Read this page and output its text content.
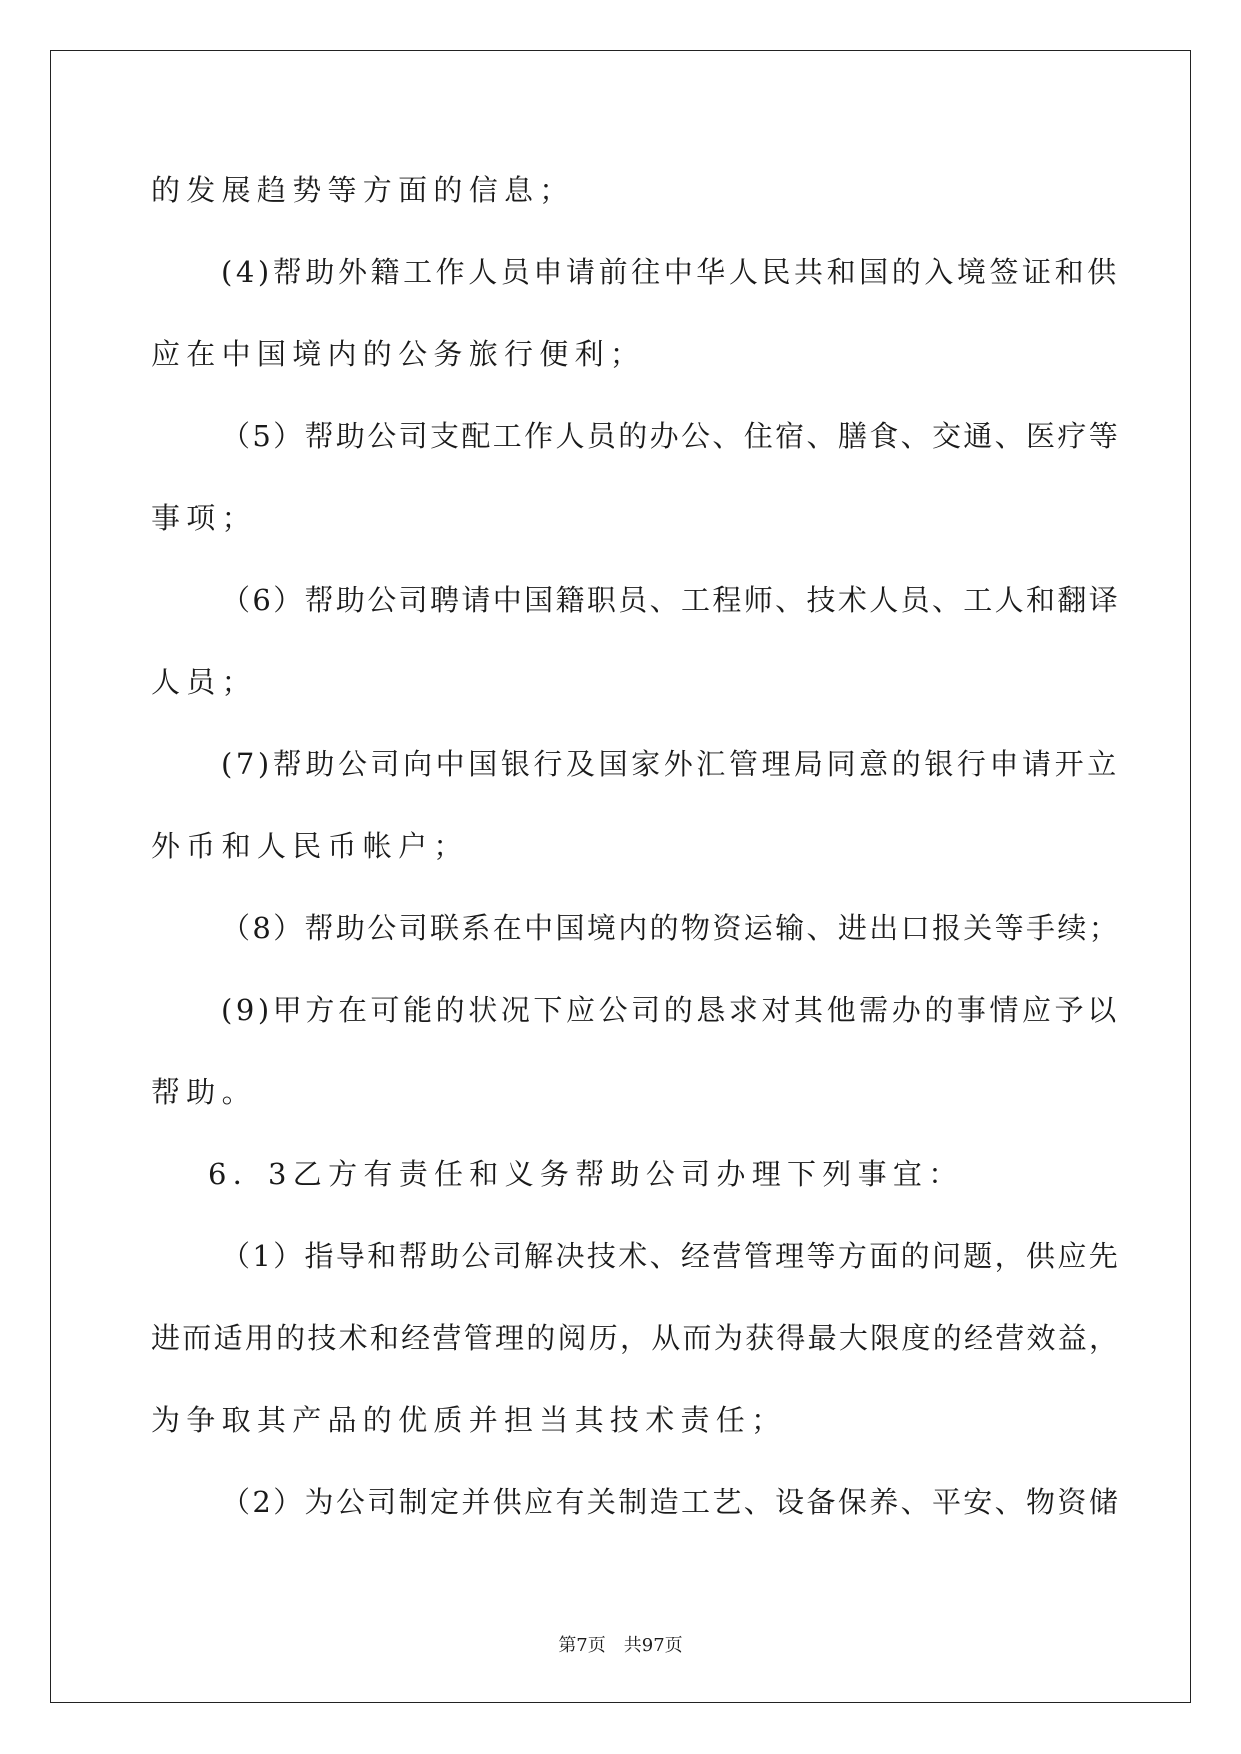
的发展趋势等方面的信息；
(4)帮助外籍工作人员申请前往中华人民共和国的入境签证和供
应在中国境内的公务旅行便利；
（5）帮助公司支配工作人员的办公、住宿、膳食、交通、医疗等
事项；
（6）帮助公司聘请中国籍职员、工程师、技术人员、工人和翻译
人员；
(7)帮助公司向中国银行及国家外汇管理局同意的银行申请开立
外币和人民币帐户；
（8）帮助公司联系在中国境内的物资运输、进出口报关等手续；
(9)甲方在可能的状况下应公司的恳求对其他需办的事情应予以
帮助。
6．3乙方有责任和义务帮助公司办理下列事宜：
（1）指导和帮助公司解决技术、经营管理等方面的问题，供应先
进而适用的技术和经营管理的阅历，从而为获得最大限度的经营效益，
为争取其产品的优质并担当其技术责任；
（2）为公司制定并供应有关制造工艺、设备保养、平安、物资储
第7页　共97页
